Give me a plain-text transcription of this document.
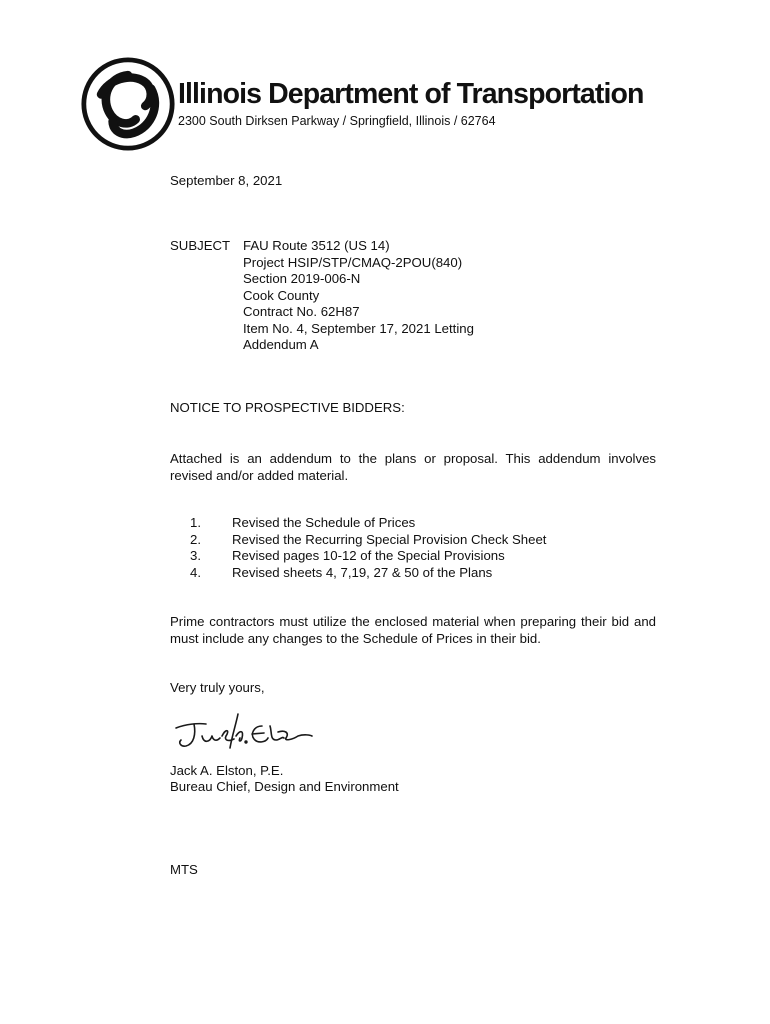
Illinois Department of Transportation
2300 South Dirksen Parkway / Springfield, Illinois / 62764
September 8, 2021
SUBJECT FAU Route 3512 (US 14)
Project HSIP/STP/CMAQ-2POU(840)
Section 2019-006-N
Cook County
Contract No. 62H87
Item No. 4, September 17, 2021 Letting
Addendum A
NOTICE TO PROSPECTIVE BIDDERS:
Attached is an addendum to the plans or proposal. This addendum involves revised and/or added material.
1.	Revised the Schedule of Prices
2.	Revised the Recurring Special Provision Check Sheet
3.	Revised pages 10-12 of the Special Provisions
4.	Revised sheets 4, 7,19, 27 & 50 of the Plans
Prime contractors must utilize the enclosed material when preparing their bid and must include any changes to the Schedule of Prices in their bid.
Very truly yours,
Jack A. Elston, P.E.
Bureau Chief, Design and Environment
MTS
